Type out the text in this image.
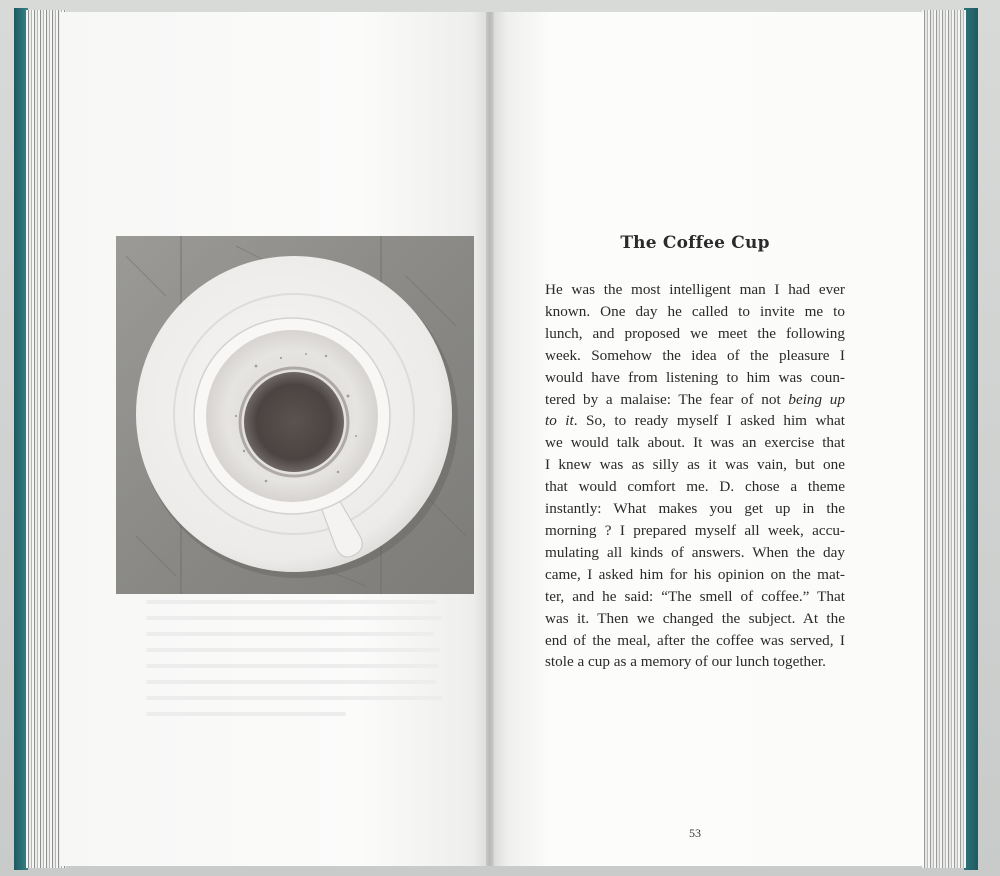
The Coffee Cup
He was the most intelligent man I had ever
known. One day he called to invite me to
lunch, and proposed we meet the following
week. Somehow the idea of the pleasure I
would have from listening to him was coun-
tered by a malaise: The fear of not being up
to it. So, to ready myself I asked him what
we would talk about. It was an exercise that
I knew was as silly as it was vain, but one
that would comfort me. D. chose a theme
instantly: What makes you get up in the
morning ? I prepared myself all week, accu-
mulating all kinds of answers. When the day
came, I asked him for his opinion on the mat-
ter, and he said: “The smell of coffee.” That
was it. Then we changed the subject. At the
end of the meal, after the coffee was served, I
stole a cup as a memory of our lunch together.
53
